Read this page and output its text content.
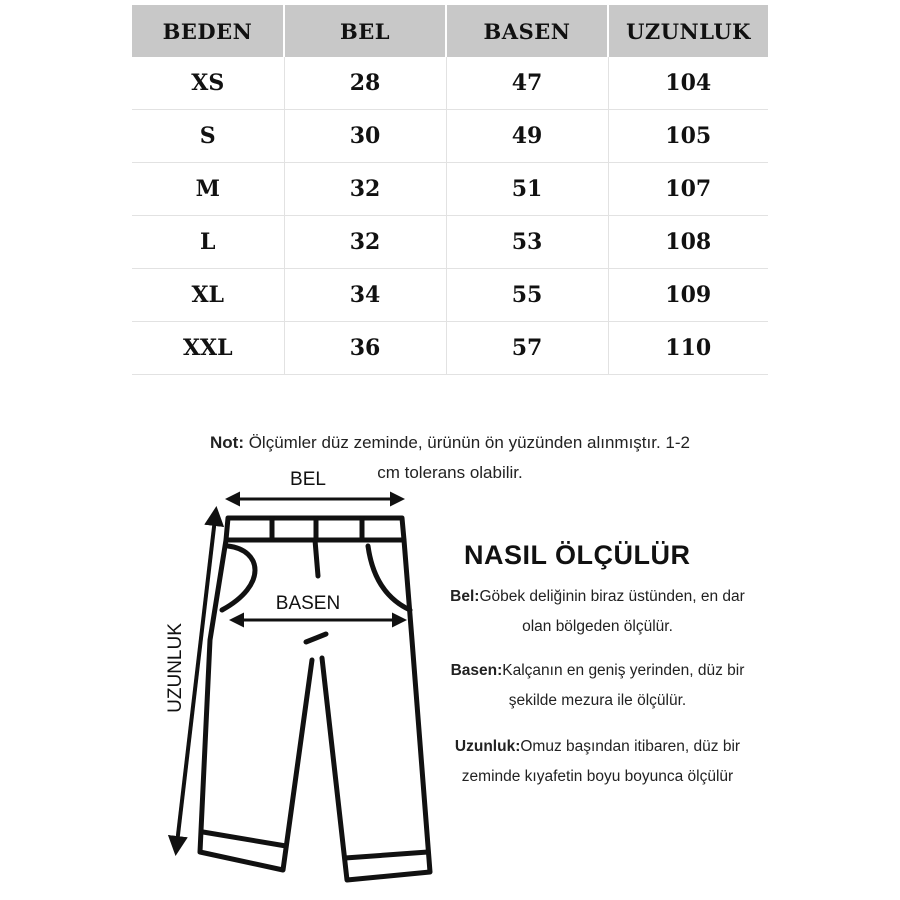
BEDEN	BEL	BASEN	UZUNLUK
XS	28	47	104
S	30	49	105
M	32	51	107
L	32	53	108
XL	34	55	109
XXL	36	57	110
Not: Ölçümler düz zeminde, ürünün ön yüzünden alınmıştır. 1-2
cm tolerans olabilir.
BEL
BASEN
UZUNLUK
NASIL ÖLÇÜLÜR
Bel:Göbek deliğinin biraz üstünden, en dar
olan bölgeden ölçülür.
Basen:Kalçanın en geniş yerinden, düz bir
şekilde mezura ile ölçülür.
Uzunluk:Omuz başından itibaren, düz bir
zeminde kıyafetin boyu boyunca ölçülür
